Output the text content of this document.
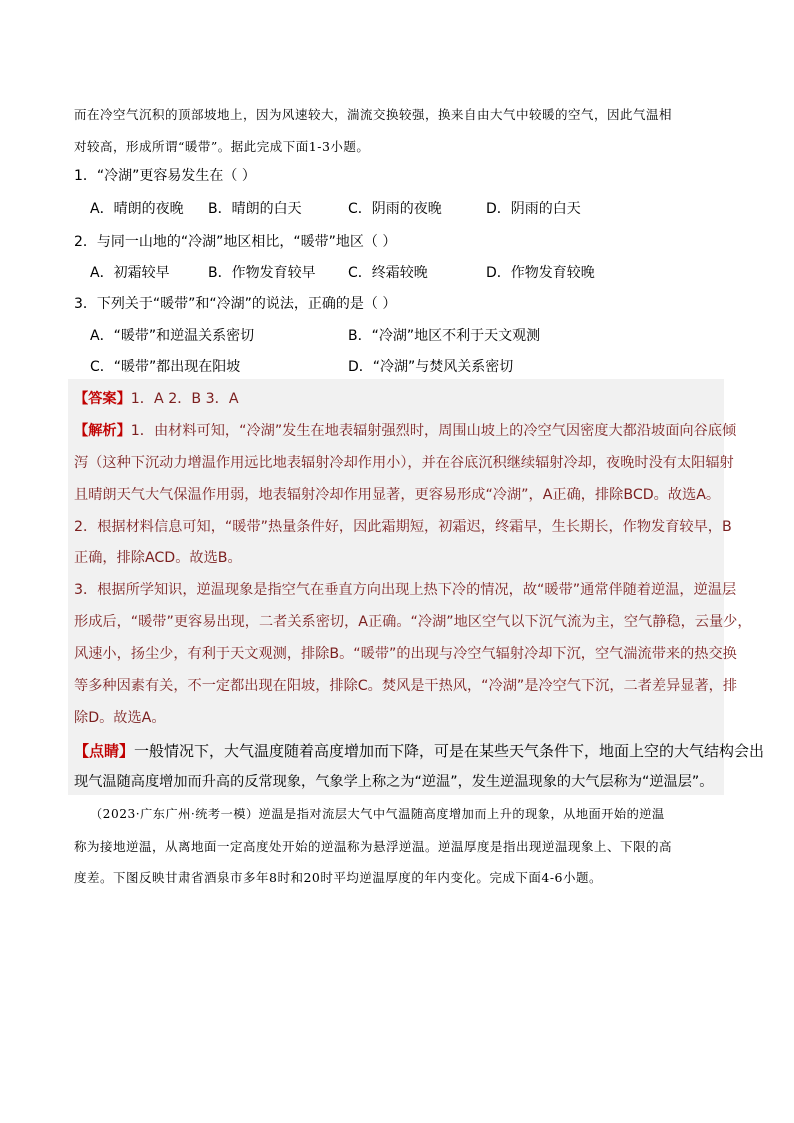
而在冷空气沉积的顶部坡地上，因为风速较大，湍流交换较强，换来自由大气中较暖的空气，因此气温相
对较高，形成所谓“暖带”。据此完成下面1-3小题。
1．“冷湖”更容易发生在（ ）
A．晴朗的夜晚 B．晴朗的白天	C．阴雨的夜晚	D．阴雨的白天
2．与同一山地的“冷湖”地区相比，“暖带”地区（ ）
A．初霜较早	B．作物发育较早 C．终霜较晚	D．作物发育较晚
3．下列关于“暖带”和“冷湖”的说法，正确的是（ ）
A．“暖带”和逆温关系密切	B．“冷湖”地区不利于天文观测
C．“暖带”都出现在阳坡	D．“冷湖”与焚风关系密切
【答案】1．A 2．B 3．A
【解析】1．由材料可知，“冷湖”发生在地表辐射强烈时，周围山坡上的冷空气因密度大都沿坡面向谷底倾
泻（这种下沉动力增温作用远比地表辐射冷却作用小），并在谷底沉积继续辐射冷却，夜晚时没有太阳辐射
且晴朗天气大气保温作用弱，地表辐射冷却作用显著，更容易形成“冷湖”，A正确，排除BCD。故选A。
2．根据材料信息可知，“暖带”热量条件好，因此霜期短，初霜迟，终霜早，生长期长，作物发育较早，B
正确，排除ACD。故选B。
3．根据所学知识，逆温现象是指空气在垂直方向出现上热下冷的情况，故“暖带”通常伴随着逆温，逆温层
形成后，“暖带”更容易出现，二者关系密切，A正确。“冷湖”地区空气以下沉气流为主，空气静稳，云量少，
风速小，扬尘少，有利于天文观测，排除B。“暖带”的出现与冷空气辐射冷却下沉，空气湍流带来的热交换
等多种因素有关，不一定都出现在阳坡，排除C。焚风是干热风，“冷湖”是冷空气下沉，二者差异显著，排
除D。故选A。
【点睛】一般情况下，大气温度随着高度增加而下降，可是在某些天气条件下，地面上空的大气结构会出
现气温随高度增加而升高的反常现象，气象学上称之为“逆温”，发生逆温现象的大气层称为“逆温层”。
（2023·广东广州·统考一模）逆温是指对流层大气中气温随高度增加而上升的现象，从地面开始的逆温
称为接地逆温，从离地面一定高度处开始的逆温称为悬浮逆温。逆温厚度是指出现逆温现象上、下限的高
度差。下图反映甘肃省酒泉市多年8时和20时平均逆温厚度的年内变化。完成下面4-6小题。
